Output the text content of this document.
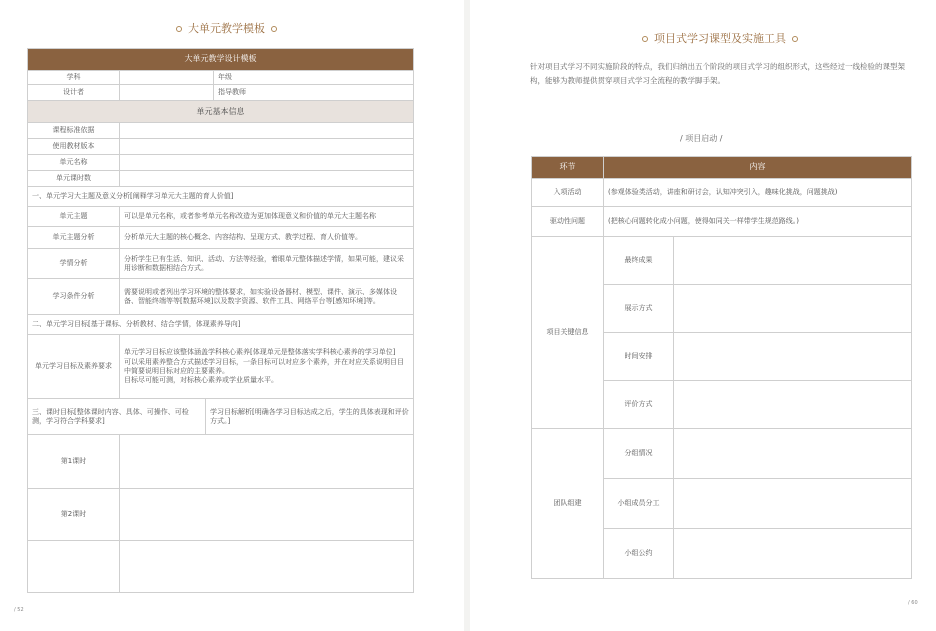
大单元教学模板
大单元教学设计模板			
学科			年级
设计者			指导教师
单元基本信息			
课程标准依据			
使用教材版本			
单元名称			
单元课时数			
一、单元学习大主题及意义分析[阐释学习单元大主题的育人价值]			
单元主题	可以是单元名称，或者参考单元名称改造为更加体现意义和价值的单元大主题名称		
单元主题分析	分析单元大主题的核心概念、内容结构、呈现方式、教学过程、育人价值等。		
学情分析	分析学生已有生活、知识、活动、方法等经验，着眼单元整体描述学情，如果可能，建议采用诊断和数据相结合方式。		
学习条件分析	需要说明或者列出学习环境的整体要求，如实验设备器材、模型、课件、演示、多媒体设备、智能终端等等[数据环境]以及数字资源、软件工具、网络平台等[感知环境]等。		
二、单元学习目标[基于课标、分析教材、结合学情，体现素养导向]			
单元学习目标及素养要求	单元学习目标应该整体涵盖学科核心素养[体现单元是整体落实学科核心素养的学习单位]
可以采用素养整合方式描述学习目标，一条目标可以对应多个素养，并在对应关系说明目目中简要说明目标对应的主要素养。
目标尽可能可测，对标核心素养或学业质量水平。		

三、课时目标[整体课时内容、具体、可操作、可检测，学习符合学科要求]		学习目标解析[明确各学习目标达成之后，学生的具体表现和评价方式。]	
第1课时			
第2课时			

/ 52
项目式学习课型及实施工具
针对项目式学习不同实施阶段的特点，我们归纳出五个阶段的项目式学习的组织形式，这些经过一线检验的课型架构，能够为教师提供贯穿项目式学习全流程的教学脚手架。
/ 项目启动 /
环节	内容	
入项活动	(参观体验类活动，讲座和研讨会，认知冲突引入，趣味化挑战，问题挑战)	
驱动性问题	(把核心问题转化成小问题，使得如同关一样带学生规范路线。)	
项目关键信息	最终成果	
	展示方式	
	时间安排	
	评价方式	
团队组建	分组情况	
	小组成员分工	
	小组公约	
/ 60
